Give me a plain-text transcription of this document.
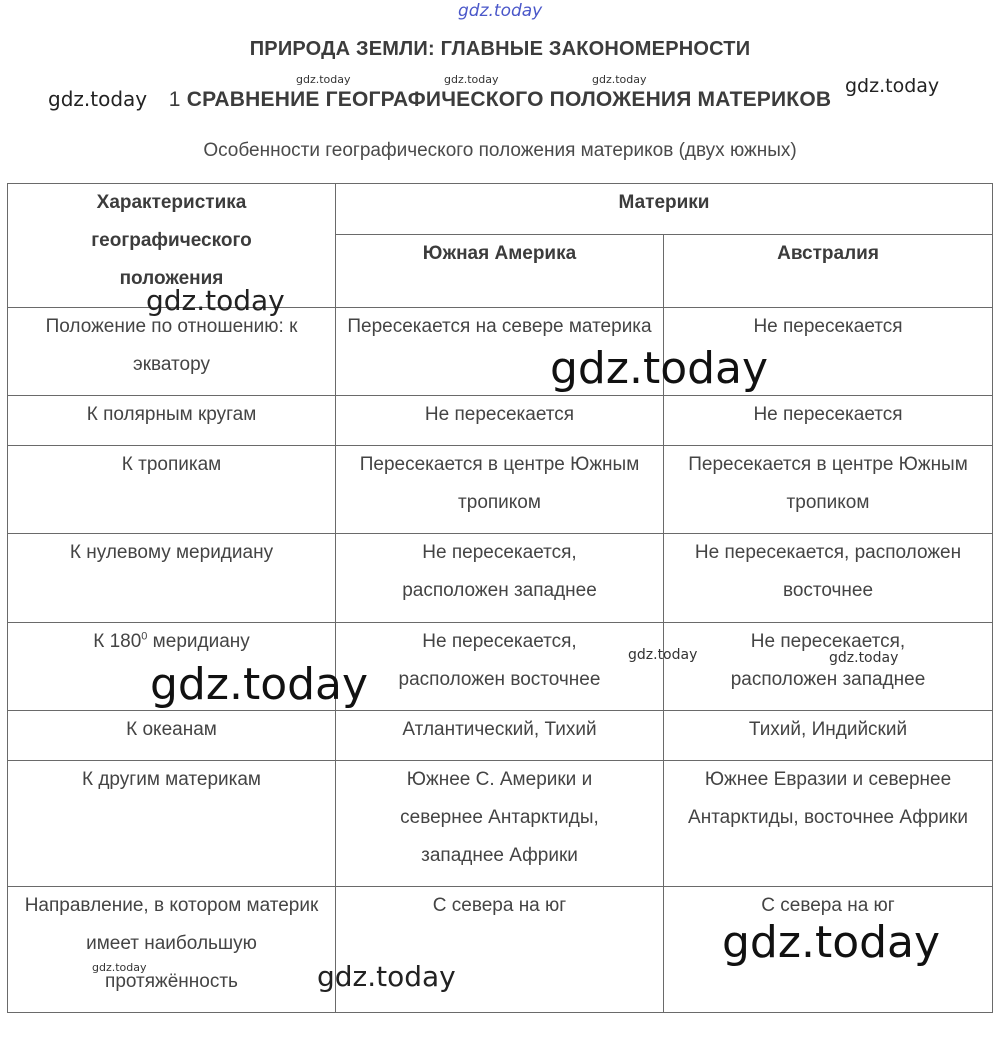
gdz.today
gdz.today	gdz.today	gdz.today
gdz.today
gdz.today
ПРИРОДА ЗЕМЛИ: ГЛАВНЫЕ ЗАКОНОМЕРНОСТИ
1 СРАВНЕНИЕ ГЕОГРАФИЧЕСКОГО ПОЛОЖЕНИЯ МАТЕРИКОВ
Особенности географического положения материков (двух южных)
Характеристика географического положения	Материки	
	Южная Америка	Австралия
Положение по отношению: к экватору	Пересекается на севере материка	Не пересекается
К полярным кругам	Не пересекается	Не пересекается
К тропикам	Пересекается в центре Южным тропиком	Пересекается в центре Южным тропиком
К нулевому меридиану	Не пересекается, расположен западнее	Не пересекается, расположен восточнее
К $180^0$ меридиану	Не пересекается, расположен восточнее	Не пересекается, расположен западнее
К океанам	Атлантический, Тихий	Тихий, Индийский
К другим материкам	Южнее С. Америки и севернее Антарктиды, западнее Африки	Южнее Евразии и севернее Антарктиды, восточнее Африки
Направление, в котором материк имеет наибольшую протяжённость	С севера на юг	С севера на юг
gdz.today
gdz.today
gdz.today	gdz.today
gdz.today
gdz.today
gdz.today	gdz.today
